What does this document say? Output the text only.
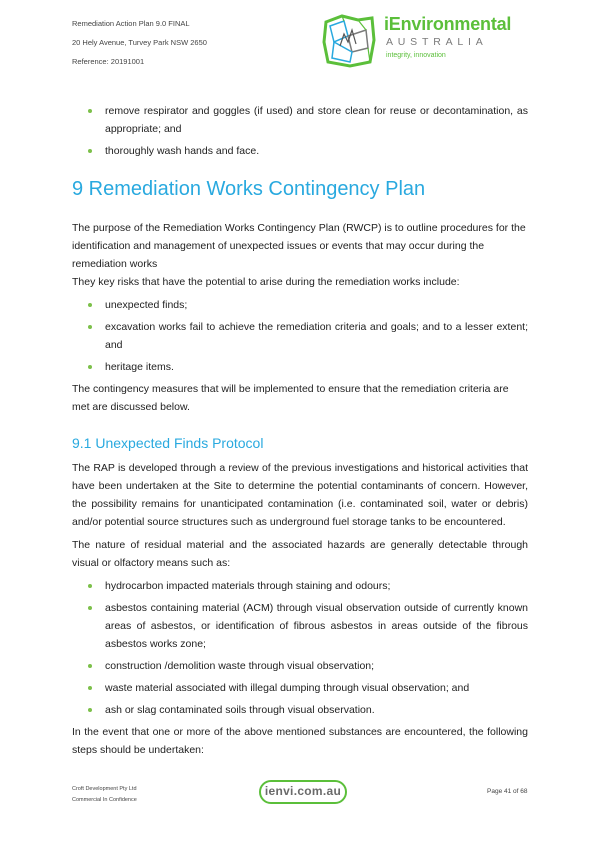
Remediation Action Plan 9.0 FINAL
20 Hely Avenue, Turvey Park NSW 2650
Reference: 20191001
iEnvironmental
AUSTRALIA
integrity, innovation
remove respirator and goggles (if used) and store clean for reuse or decontamination, as appropriate; and
thoroughly wash hands and face.
9 Remediation Works Contingency Plan

The purpose of the Remediation Works Contingency Plan (RWCP) is to outline procedures for the identification and management of unexpected issues or events that may occur during the remediation works

They key risks that have the potential to arise during the remediation works include:

unexpected finds;
excavation works fail to achieve the remediation criteria and goals; and to a lesser extent; and
heritage items.

The contingency measures that will be implemented to ensure that the remediation criteria are met are discussed below.

9.1 Unexpected Finds Protocol

The RAP is developed through a review of the previous investigations and historical activities that have been undertaken at the Site to determine the potential contaminants of concern. However, the possibility remains for unanticipated contamination (i.e. contaminated soil, water or debris) and/or potential source structures such as underground fuel storage tanks to be encountered.

The nature of residual material and the associated hazards are generally detectable through visual or olfactory means such as:

hydrocarbon impacted materials through staining and odours;
asbestos containing material (ACM) through visual observation outside of currently known areas of asbestos, or identification of fibrous asbestos in areas outside of the fibrous asbestos works zone;
construction /demolition waste through visual observation;
waste material associated with illegal dumping through visual observation; and
ash or slag contaminated soils through visual observation.

In the event that one or more of the above mentioned substances are encountered, the following steps should be undertaken:

Croft Development Pty Ltd
Commercial In Confidence
ienvi.com.au	Page 41 of 68
